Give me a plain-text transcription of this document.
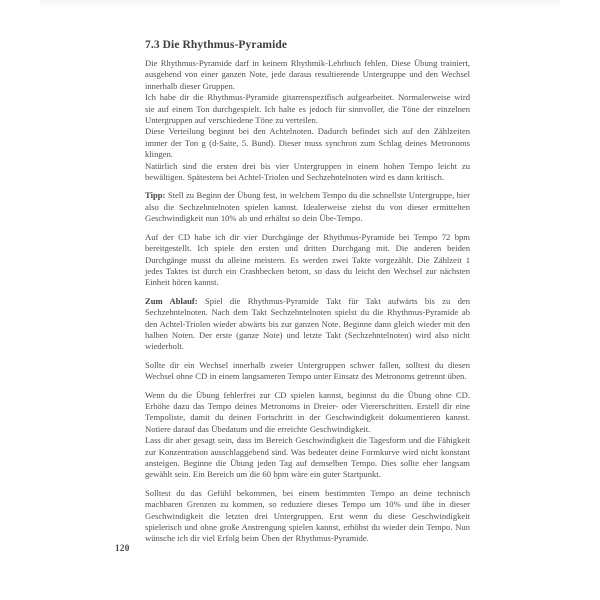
7.3 Die Rhythmus-Pyramide

Die Rhythmus-Pyramide darf in keinem Rhythmik-Lehrbuch fehlen. Diese Übung trainiert, ausgehend von einer ganzen Note, jede daraus resultierende Untergruppe und den Wechsel innerhalb dieser Gruppen.

Ich habe dir die Rhythmus-Pyramide gitarrenspezifisch aufgearbeitet. Normalerweise wird sie auf einem Ton durchgespielt. Ich halte es jedoch für sinnvoller, die Töne der einzelnen Untergruppen auf verschiedene Töne zu verteilen.

Diese Verteilung beginnt bei den Achtelnoten. Dadurch befindet sich auf den Zählzeiten immer der Ton g (d-Saite, 5. Bund). Dieser muss synchron zum Schlag deines Metronoms klingen.

Natürlich sind die ersten drei bis vier Untergruppen in einem hohen Tempo leicht zu bewältigen. Spätestens bei Achtel-Triolen und Sechzehntelnoten wird es dann kritisch.

Tipp: Stell zu Beginn der Übung fest, in welchem Tempo du die schnellste Untergruppe, hier also die Sechzehntelnoten spielen kannst. Idealerweise ziehst du von dieser ermittelten Geschwindigkeit nun 10% ab und erhältst so dein Übe-Tempo.

Auf der CD habe ich dir vier Durchgänge der Rhythmus-Pyramide bei Tempo 72 bpm bereitgestellt. Ich spiele den ersten und dritten Durchgang mit. Die anderen beiden Durchgänge musst du alleine meistern. Es werden zwei Takte vorgezählt. Die Zählzeit 1 jedes Taktes ist durch ein Crashbecken betont, so dass du leicht den Wechsel zur nächsten Einheit hören kannst.

Zum Ablauf: Spiel die Rhythmus-Pyramide Takt für Takt aufwärts bis zu den Sechzehntelnoten. Nach dem Takt Sechzehntelnoten spielst du die Rhythmus-Pyramide ab den Achtel-Triolen wieder abwärts bis zur ganzen Note. Beginne dann gleich wieder mit den halben Noten. Der erste (ganze Note) und letzte Takt (Sechzehntelnoten) wird also nicht wiederholt.

Sollte dir ein Wechsel innerhalb zweier Untergruppen schwer fallen, solltest du diesen Wechsel ohne CD in einem langsameren Tempo unter Einsatz des Metronoms getrennt üben.

Wenn du die Übung fehlerfrei zur CD spielen kannst, beginnst du die Übung ohne CD. Erhöhe dazu das Tempo deines Metronoms in Dreier- oder Viererschritten. Erstell dir eine Tempoliste, damit du deinen Fortschritt in der Geschwindigkeit dokumentieren kannst. Notiere darauf das Übedatum und die erreichte Geschwindigkeit.

Lass dir aber gesagt sein, dass im Bereich Geschwindigkeit die Tagesform und die Fähigkeit zur Konzentration ausschlaggebend sind. Was bedeutet deine Formkurve wird nicht konstant ansteigen. Beginne die Übung jeden Tag auf demselben Tempo. Dies sollte eher langsam gewählt sein. Ein Bereich um die 60 bpm wäre ein guter Startpunkt.

Solltest du das Gefühl bekommen, bei einem bestimmten Tempo an deine technisch machbaren Grenzen zu kommen, so reduziere dieses Tempo um 10% und übe in dieser Geschwindigkeit die letzten drei Untergruppen. Erst wenn du diese Geschwindigkeit spielerisch und ohne große Anstrengung spielen kannst, erhöhst du wieder dein Tempo. Nun wünsche ich dir viel Erfolg beim Üben der Rhythmus-Pyramide.

120
